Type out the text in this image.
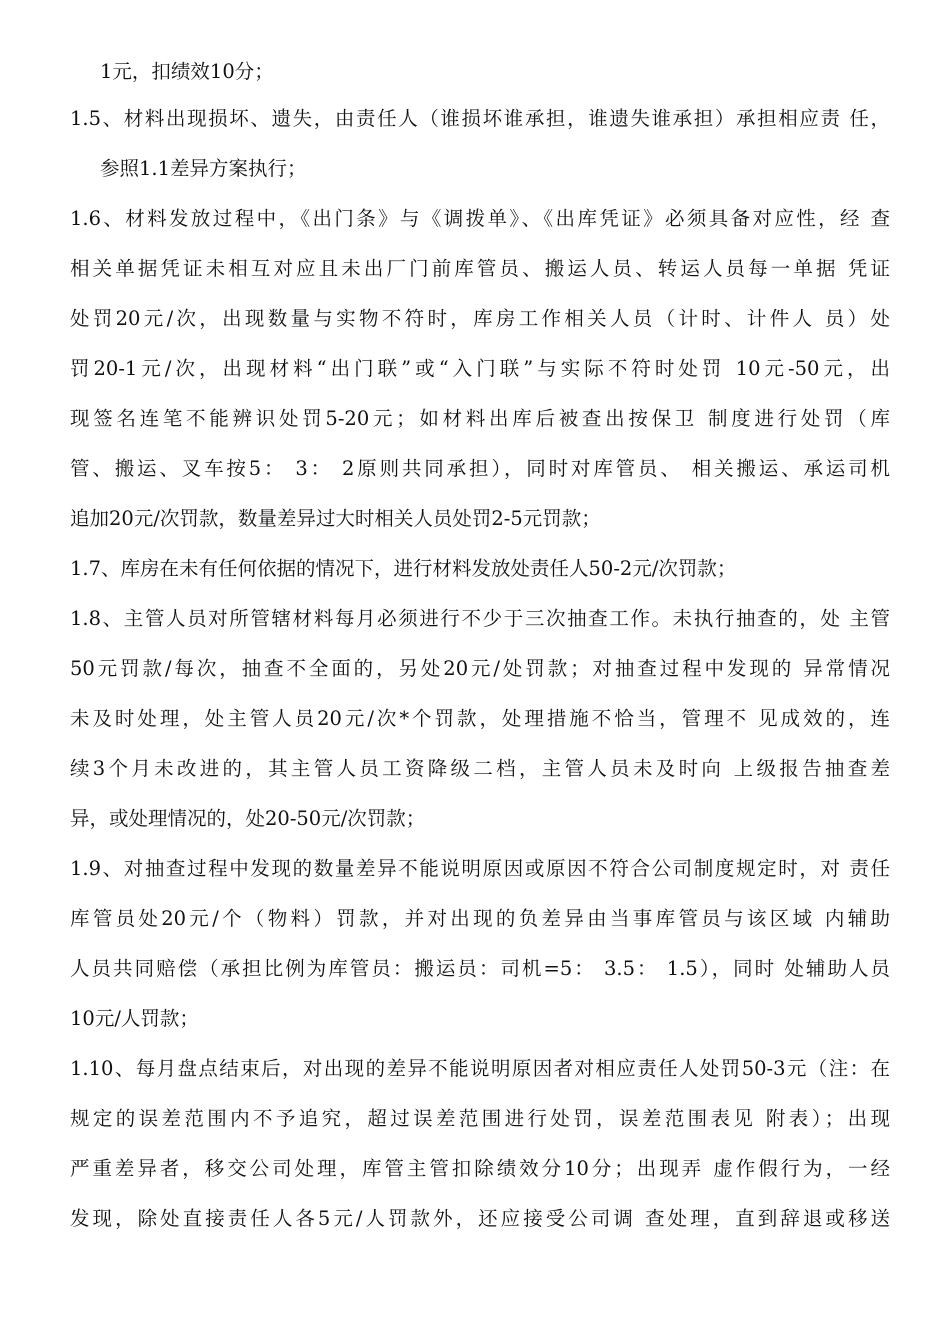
1元，扣绩效10分；
1.5、材料出现损坏、遗失，由责任人（谁损坏谁承担，谁遗失谁承担）承担相应责 任，
参照1.1差异方案执行；
1.6、材料发放过程中，《出门条》与《调拨单》、《出库凭证》必须具备对应性，经 查
相关单据凭证未相互对应且未出厂门前库管员、搬运人员、转运人员每一单据 凭证
处罚20元/次，出现数量与实物不符时，库房工作相关人员（计时、计件人 员）处
罚20-1元/次，出现材料“出门联”或“入门联”与实际不符时处罚 10元-50元，出
现签名连笔不能辨识处罚5-20元；如材料出库后被查出按保卫 制度进行处罚（库
管、搬运、叉车按5： 3： 2原则共同承担），同时对库管员、 相关搬运、承运司机
追加20元/次罚款，数量差异过大时相关人员处罚2-5元罚款；
1.7、库房在未有任何依据的情况下，进行材料发放处责任人50-2元/次罚款；
1.8、主管人员对所管辖材料每月必须进行不少于三次抽查工作。未执行抽查的，处 主管
50元罚款/每次，抽查不全面的，另处20元/处罚款；对抽查过程中发现的 异常情况
未及时处理，处主管人员20元/次*个罚款，处理措施不恰当，管理不 见成效的，连
续3个月未改进的，其主管人员工资降级二档，主管人员未及时向 上级报告抽查差
异，或处理情况的，处20-50元/次罚款；
1.9、对抽查过程中发现的数量差异不能说明原因或原因不符合公司制度规定时，对 责任
库管员处20元/个（物料）罚款，并对出现的负差异由当事库管员与该区域 内辅助
人员共同赔偿（承担比例为库管员：搬运员：司机=5： 3.5： 1.5），同时 处辅助人员
10元/人罚款；
1.10、每月盘点结束后，对出现的差异不能说明原因者对相应责任人处罚50-3元（注：在
规定的误差范围内不予追究，超过误差范围进行处罚，误差范围表见 附表）；出现
严重差异者，移交公司处理，库管主管扣除绩效分10分；出现弄 虚作假行为，一经
发现，除处直接责任人各5元/人罚款外，还应接受公司调 查处理，直到辞退或移送
